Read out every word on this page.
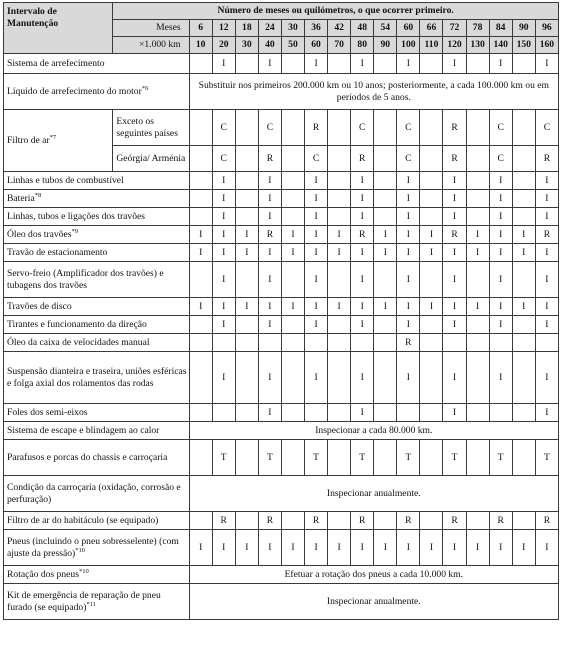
Intervalo de Manutenção	Número de meses ou quilómetros, o que ocorrer primeiro.																
	Meses	6	12	18	24	30	36	42	48	54	60	66	72	78	84	90	96
	×1.000 km	10	20	30	40	50	60	70	80	90	100	110	120	130	140	150	160
Sistema de arrefecimento			I		I		I		I		I		I		I		I
Líquido de arrefecimento do motor$^{*6}$		Substituir nos primeiros 200.000 km ou 10 anos; posteriormente, a cada 100.000 km ou em períodos de 5 anos.															
Filtro de $ar^{*7}$	Exceto os seguintes países		C		C		R		C		C		R		C		C
	Geórgia/ Arménia		C		R		C		R		C		R		C		R
Linhas e tubos de combustível			I		I		I		I		I		I		I		I
Bateria$^{*8}$			I		I		I		I		I		I		I		I
Linhas, tubos e ligações dos travões			I		I		I		I		I		I		I		I
Óleo dos travões$^{*9}$		I	I	I	R	I	I	I	R	I	I	I	R	I	I	I	R
Travão de estacionamento		I	I	I	I	I	I	I	I	I	I	I	I	I	I	I	I
Servo-freio (Amplificador dos travões) e tubagens dos travões			I		I		I		I		I		I		I		I
Travões de disco		I	I	I	I	I	I	I	I	I	I	I	I	I	I	I	I
Tirantes e funcionamento da direção			I		I		I		I		I		I		I		I
Óleo da caixa de velocidades manual											R						
Suspensão dianteira e traseira, uniões esféricas e folga axial dos rolamentos das rodas			I		I		I		I		I		I		I		I
Foles dos semi-eixos					I				I				I				I
Sistema de escape e blindagem ao calor		Inspecionar a cada 80.000 km.															
Parafusos e porcas do chassis e carroçaria			T		T		T		T		T		T		T		T
Condição da carroçaria (oxidação, corrosão e perfuração)		Inspecionar anualmente.															
Filtro de ar do habitáculo (se equipado)			R		R		R		R		R		R		R		R
Pneus (incluindo o pneu sobresselente) (com ajuste da pressão)$^{*10}$		I	I	I	I	I	I	I	I	I	I	I	I	I	I	I	I
Rotação dos pneus$^{*10}$		Efetuar a rotação dos pneus a cada 10.000 km.															
Kit de emergência de reparação de pneu furado (se equipado)$^{*11}$		Inspecionar anualmente.															
